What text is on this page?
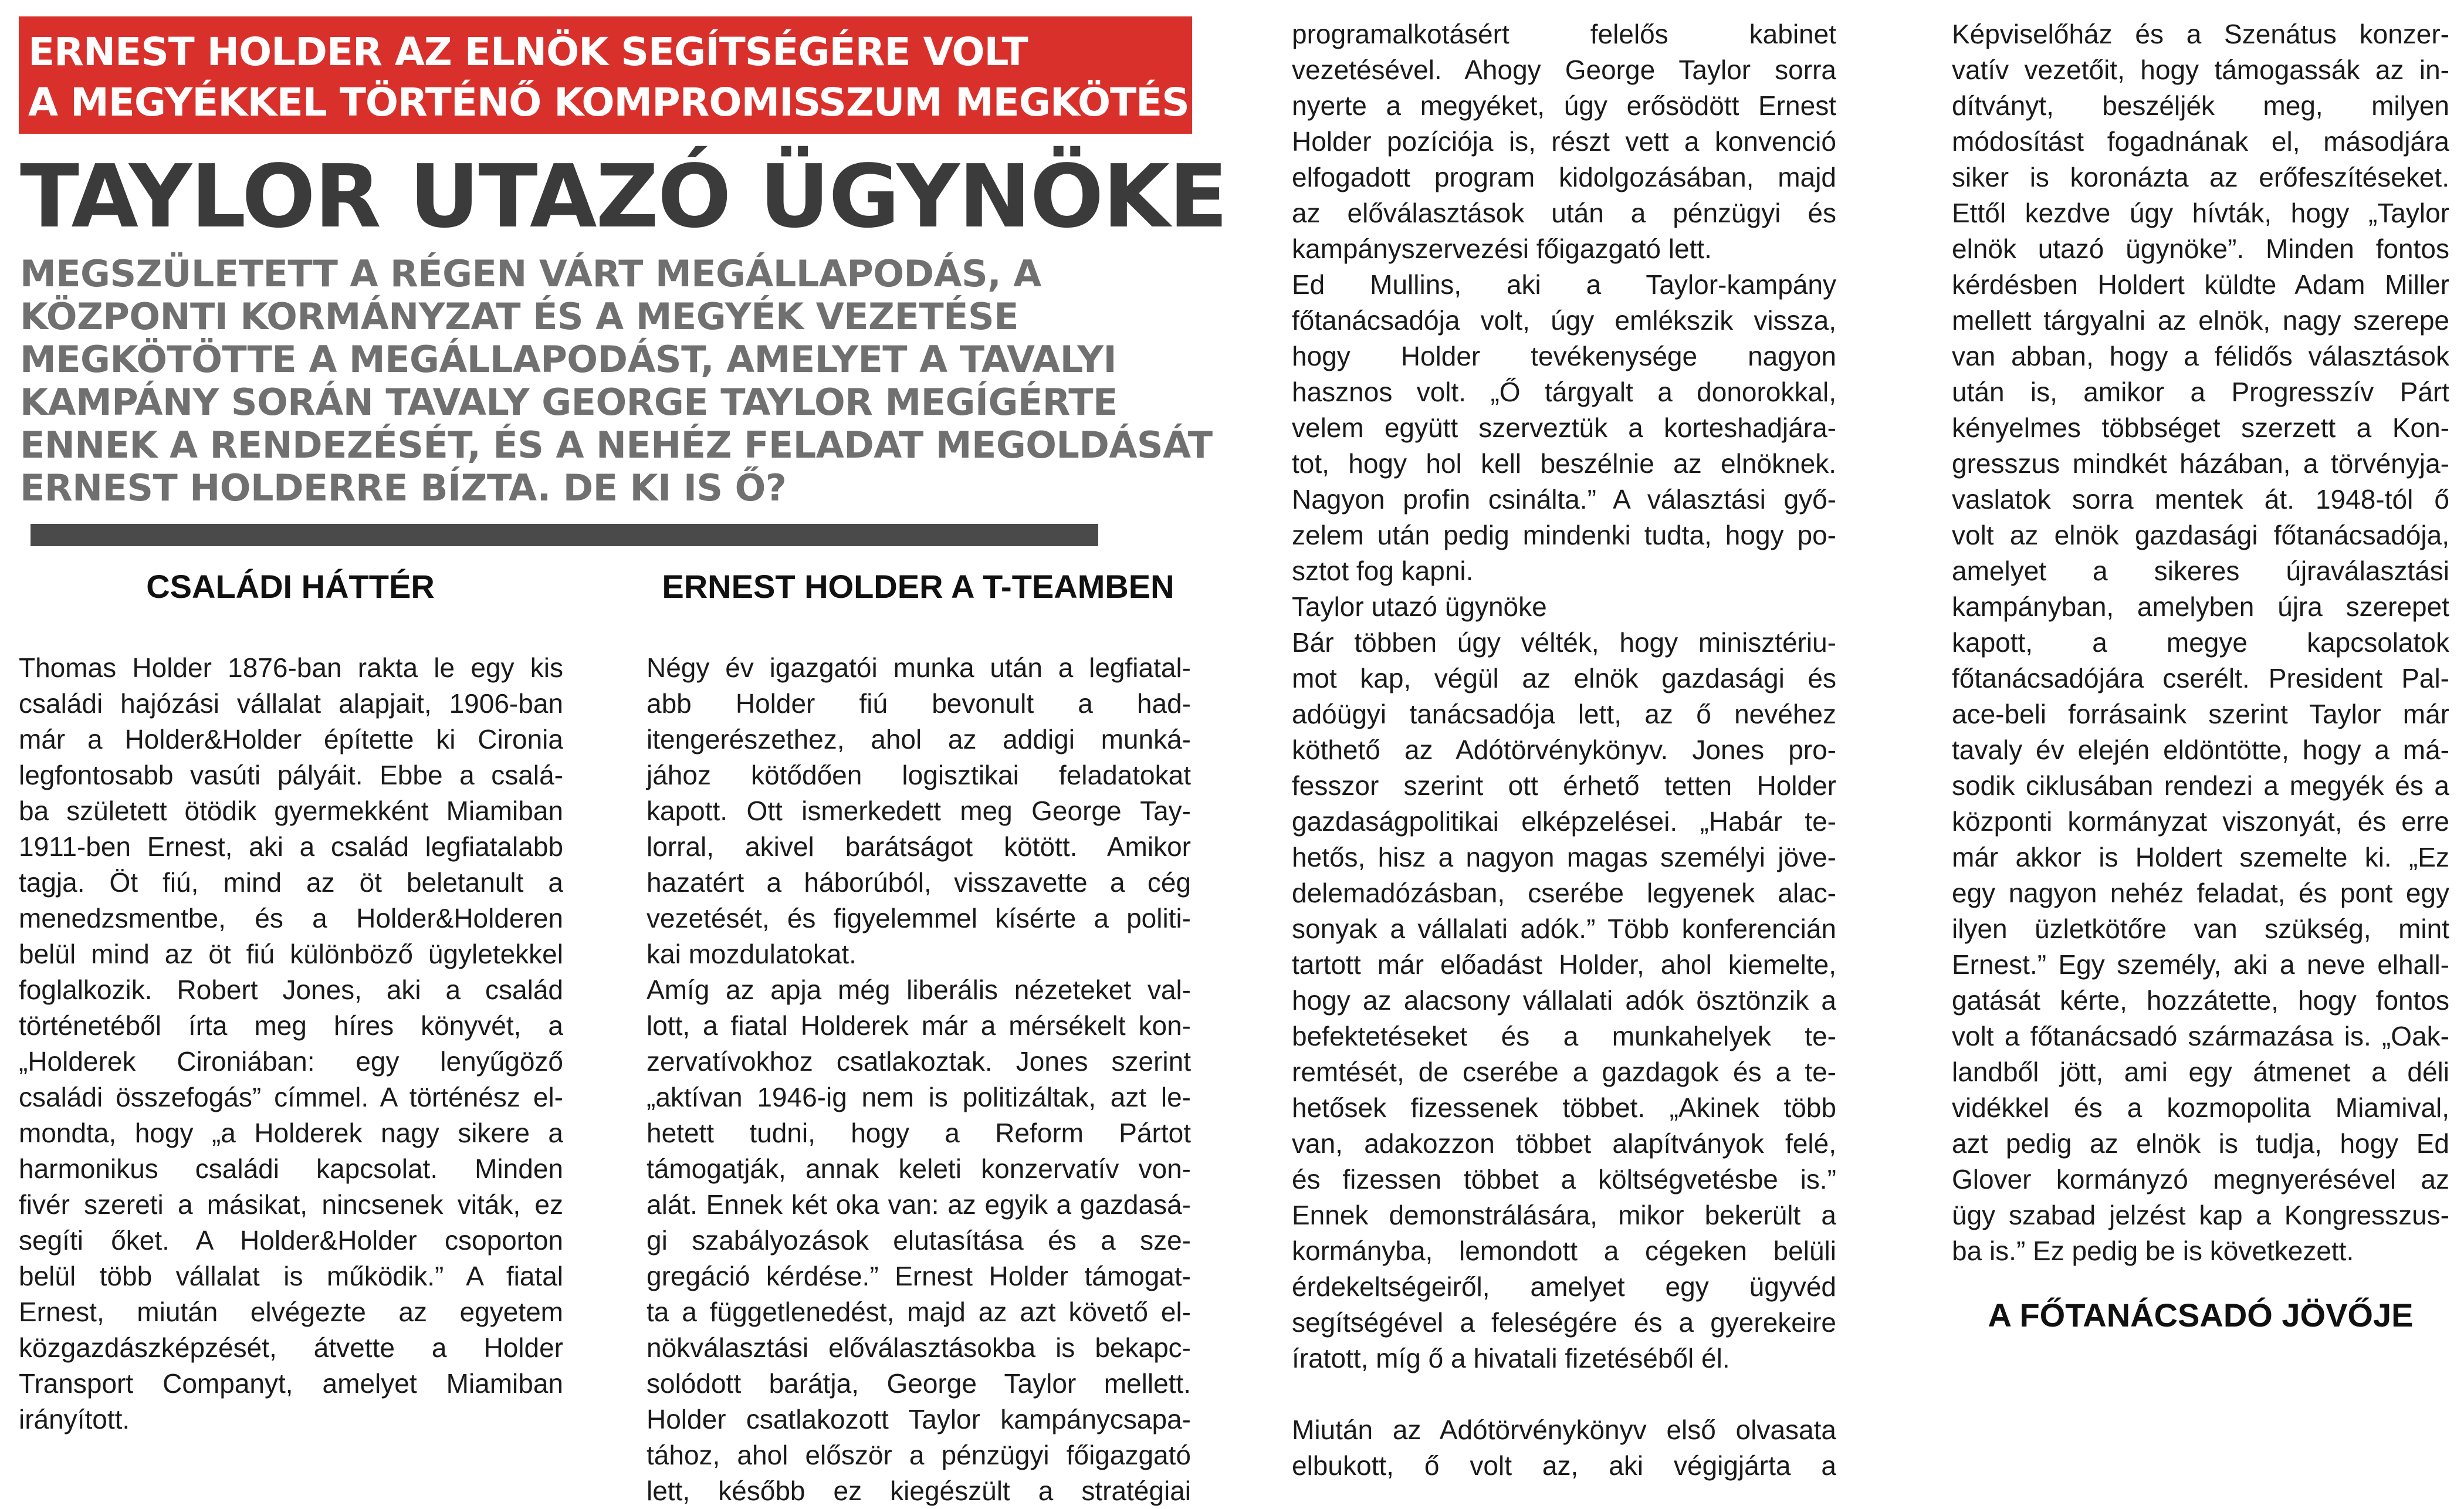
ERNEST HOLDER AZ ELNÖK SEGÍTSÉGÉRE VOLT
A MEGYÉKKEL TÖRTÉNŐ KOMPROMISSZUM MEGKÖTÉSÉBEN
TAYLOR UTAZÓ ÜGYNÖKE
MEGSZÜLETETT A RÉGEN VÁRT MEGÁLLAPODÁS, A
KÖZPONTI KORMÁNYZAT ÉS A MEGYÉK VEZETÉSE
MEGKÖTÖTTE A MEGÁLLAPODÁST, AMELYET A TAVALYI
KAMPÁNY SORÁN TAVALY GEORGE TAYLOR MEGÍGÉRTE
ENNEK A RENDEZÉSÉT, ÉS A NEHÉZ FELADAT MEGOLDÁSÁT
ERNEST HOLDERRE BÍZTA. DE KI IS Ő?
CSALÁDI HÁTTÉR

Thomas Holder 1876-ban rakta le egy kis

családi hajózási vállalat alapjait, 1906-ban

már a Holder&Holder építette ki Cironia

legfontosabb vasúti pályáit. Ebbe a csalá-

ba született ötödik gyermekként Miamiban

1911-ben Ernest, aki a család legfiatalabb

tagja. Öt fiú, mind az öt beletanult a

menedzsmentbe, és a Holder&Holderen

belül mind az öt fiú különböző ügyletekkel

foglalkozik. Robert Jones, aki a család

történetéből írta meg híres könyvét, a

„Holderek Cironiában: egy lenyűgöző

családi összefogás” címmel. A történész el-

mondta, hogy „a Holderek nagy sikere a

harmonikus családi kapcsolat. Minden

fivér szereti a másikat, nincsenek viták, ez

segíti őket. A Holder&Holder csoporton

belül több vállalat is működik.” A fiatal

Ernest, miután elvégezte az egyetem

közgazdászképzését, átvette a Holder

Transport Companyt, amelyet Miamiban

irányított.

ERNEST HOLDER A T-TEAMBEN

Négy év igazgatói munka után a legfiatal-

abb Holder fiú bevonult a had-

itengerészethez, ahol az addigi munká-

jához kötődően logisztikai feladatokat

kapott. Ott ismerkedett meg George Tay-

lorral, akivel barátságot kötött. Amikor

hazatért a háborúból, visszavette a cég

vezetését, és figyelemmel kísérte a politi-

kai mozdulatokat.

Amíg az apja még liberális nézeteket val-

lott, a fiatal Holderek már a mérsékelt kon-

zervatívokhoz csatlakoztak. Jones szerint

„aktívan 1946-ig nem is politizáltak, azt le-

hetett tudni, hogy a Reform Pártot

támogatják, annak keleti konzervatív von-

alát. Ennek két oka van: az egyik a gazdasá-

gi szabályozások elutasítása és a sze-

gregáció kérdése.” Ernest Holder támogat-

ta a függetlenedést, majd az azt követő el-

nökválasztási előválasztásokba is bekapc-

solódott barátja, George Taylor mellett.

Holder csatlakozott Taylor kampánycsapa-

tához, ahol először a pénzügyi főigazgató

lett, később ez kiegészült a stratégiai

programalkotásért felelős kabinet

vezetésével. Ahogy George Taylor sorra

nyerte a megyéket, úgy erősödött Ernest

Holder pozíciója is, részt vett a konvenció

elfogadott program kidolgozásában, majd

az előválasztások után a pénzügyi és

kampányszervezési főigazgató lett.

Ed Mullins, aki a Taylor-kampány

főtanácsadója volt, úgy emlékszik vissza,

hogy Holder tevékenysége nagyon

hasznos volt. „Ő tárgyalt a donorokkal,

velem együtt szerveztük a korteshadjára-

tot, hogy hol kell beszélnie az elnöknek.

Nagyon profin csinálta.” A választási győ-

zelem után pedig mindenki tudta, hogy po-

sztot fog kapni.

Taylor utazó ügynöke

Bár többen úgy vélték, hogy minisztériu-

mot kap, végül az elnök gazdasági és

adóügyi tanácsadója lett, az ő nevéhez

köthető az Adótörvénykönyv. Jones pro-

fesszor szerint ott érhető tetten Holder

gazdaságpolitikai elképzelései. „Habár te-

hetős, hisz a nagyon magas személyi jöve-

delemadózásban, cserébe legyenek alac-

sonyak a vállalati adók.” Több konferencián

tartott már előadást Holder, ahol kiemelte,

hogy az alacsony vállalati adók ösztönzik a

befektetéseket és a munkahelyek te-

remtését, de cserébe a gazdagok és a te-

hetősek fizessenek többet. „Akinek több

van, adakozzon többet alapítványok felé,

és fizessen többet a költségvetésbe is.”

Ennek demonstrálására, mikor bekerült a

kormányba, lemondott a cégeken belüli

érdekeltségeiről, amelyet egy ügyvéd

segítségével a feleségére és a gyerekeire

íratott, míg ő a hivatali fizetéséből él.

Miután az Adótörvénykönyv első olvasata

elbukott, ő volt az, aki végigjárta a

Képviselőház és a Szenátus konzer-

vatív vezetőit, hogy támogassák az in-

dítványt, beszéljék meg, milyen

módosítást fogadnának el, másodjára

siker is koronázta az erőfeszítéseket.

Ettől kezdve úgy hívták, hogy „Taylor

elnök utazó ügynöke”. Minden fontos

kérdésben Holdert küldte Adam Miller

mellett tárgyalni az elnök, nagy szerepe

van abban, hogy a félidős választások

után is, amikor a Progresszív Párt

kényelmes többséget szerzett a Kon-

gresszus mindkét házában, a törvényja-

vaslatok sorra mentek át. 1948-tól ő

volt az elnök gazdasági főtanácsadója,

amelyet a sikeres újraválasztási

kampányban, amelyben újra szerepet

kapott, a megye kapcsolatok

főtanácsadójára cserélt. President Pal-

ace-beli forrásaink szerint Taylor már

tavaly év elején eldöntötte, hogy a má-

sodik ciklusában rendezi a megyék és a

központi kormányzat viszonyát, és erre

már akkor is Holdert szemelte ki. „Ez

egy nagyon nehéz feladat, és pont egy

ilyen üzletkötőre van szükség, mint

Ernest.” Egy személy, aki a neve elhall-

gatását kérte, hozzátette, hogy fontos

volt a főtanácsadó származása is. „Oak-

landből jött, ami egy átmenet a déli

vidékkel és a kozmopolita Miamival,

azt pedig az elnök is tudja, hogy Ed

Glover kormányzó megnyerésével az

ügy szabad jelzést kap a Kongresszus-

ba is.” Ez pedig be is következett.

A FŐTANÁCSADÓ JÖVŐJE
